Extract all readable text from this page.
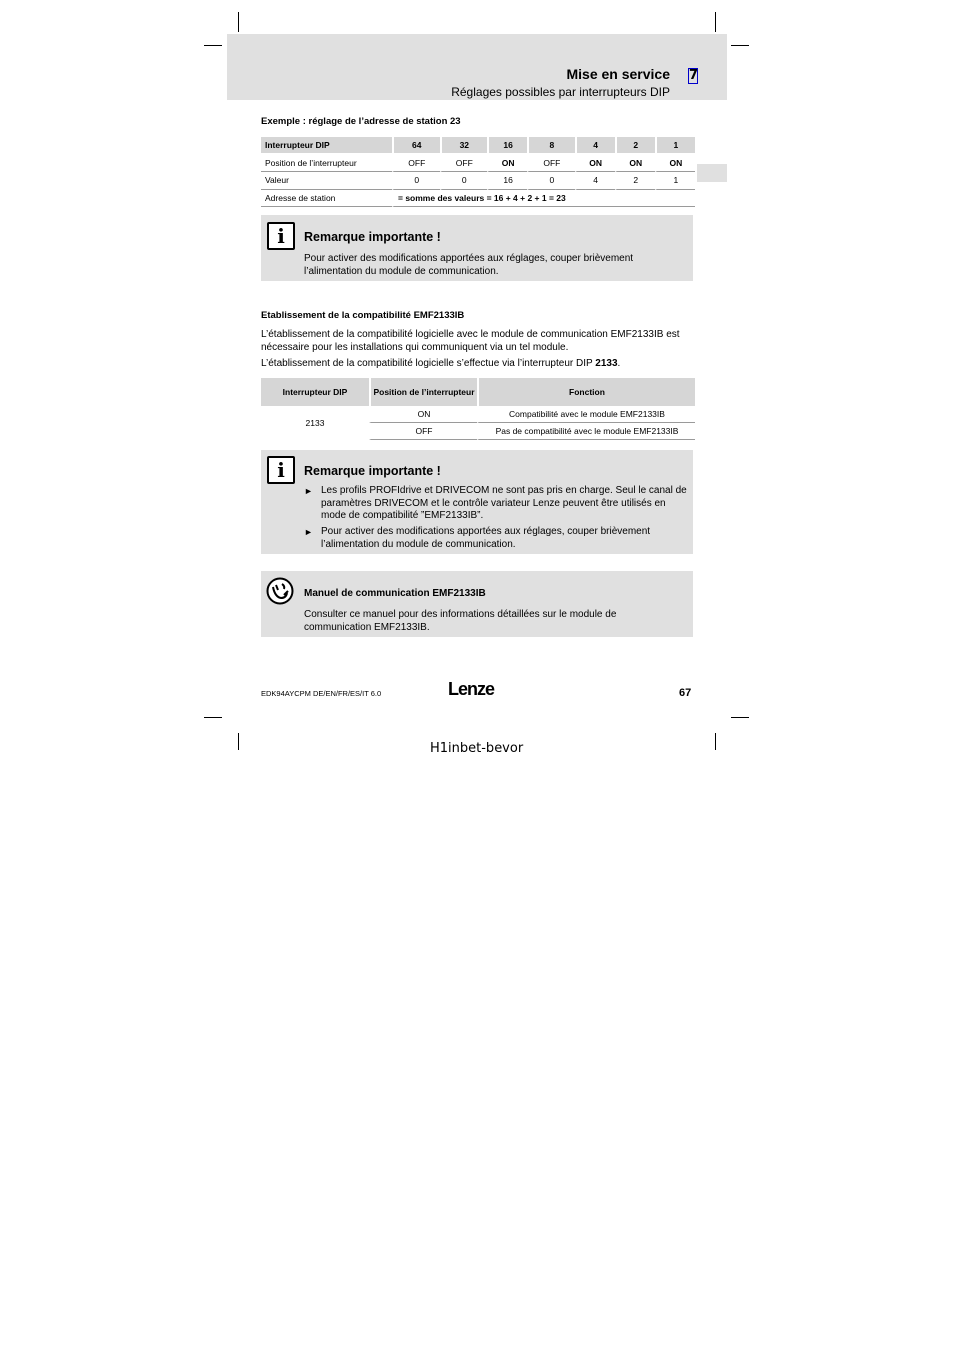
Mise en service 7
Réglages possibles par interrupteurs DIP
Exemple : réglage de l’adresse de station 23
Interrupteur DIP	64	32	16	8	4	2	1
Position de l’interrupteur	OFF	OFF	ON	OFF	ON	ON	ON
Valeur	0	0	16	0	4	2	1
Adresse de station	= somme des valeurs = 16 + 4 + 2 + 1 = 23						
i	Remarque importante !
Pour activer des modifications apportées aux réglages, couper brièvement l’alimentation du module de communication.
Etablissement de la compatibilité EMF2133IB
L’établissement de la compatibilité logicielle avec le module de communication EMF2133IB est nécessaire pour les installations qui communiquent via un tel module.
L’établissement de la compatibilité logicielle s’effectue via l’interrupteur DIP 2133.
Interrupteur DIP	Position de l’interrupteur	Fonction
2133	ON	Compatibilité avec le module EMF2133IB
	OFF	Pas de compatibilité avec le module EMF2133IB
i	Remarque importante !
► Les profils PROFIdrive et DRIVECOM ne sont pas pris en charge. Seul le canal de paramètres DRIVECOM et le contrôle variateur Lenze peuvent être utilisés en mode de compatibilité ”EMF2133IB”.
► Pour activer des modifications apportées aux réglages, couper brièvement l’alimentation du module de communication.
Manuel de communication EMF2133IB
Consulter ce manuel pour des informations détaillées sur le module de communication EMF2133IB.
EDK94AYCPM DE/EN/FR/ES/IT 6.0	Lenze	67
H1inbet-bevor
